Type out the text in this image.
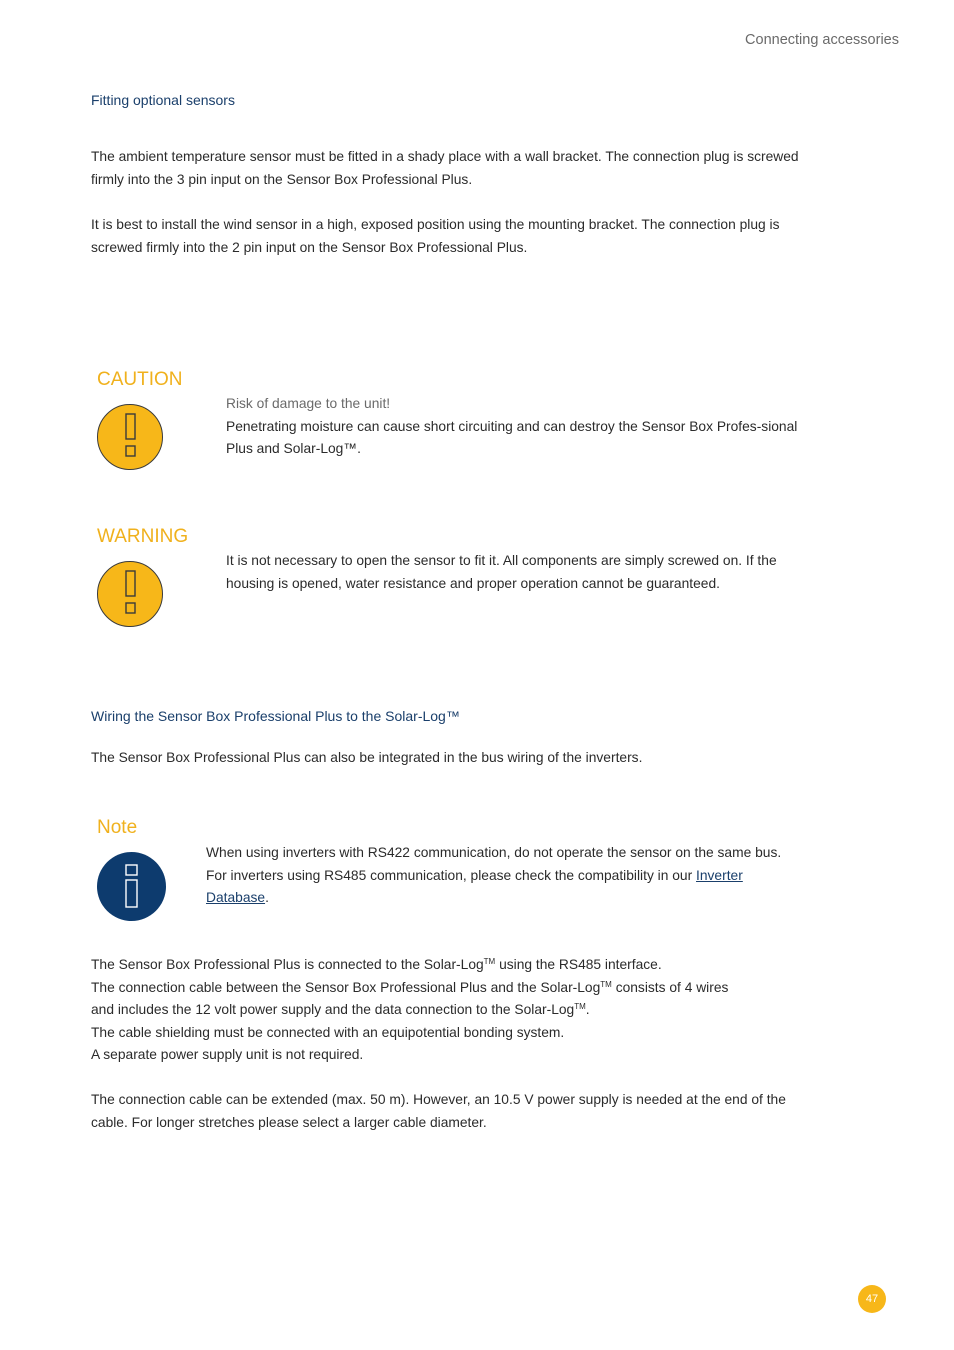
Connecting accessories
Fitting optional sensors

The ambient temperature sensor must be fitted in a shady place with a wall bracket. The connection plug is screwed firmly into the 3 pin input on the Sensor Box Professional Plus.

It is best to install the wind sensor in a high, exposed position using the mounting bracket. The connection plug is screwed firmly into the 2 pin input on the Sensor Box Professional Plus.

CAUTION

Risk of damage to the unit!

Penetrating moisture can cause short circuiting and can destroy the Sensor Box Profes-sional Plus and Solar-Log™.

WARNING

It is not necessary to open the sensor to fit it. All components are simply screwed on. If the housing is opened, water resistance and proper operation cannot be guaranteed.

Wiring the Sensor Box Professional Plus to the Solar-Log™

The Sensor Box Professional Plus can also be integrated in the bus wiring of the inverters.

Note

When using inverters with RS422 communication, do not operate the sensor on the same bus.

For inverters using RS485 communication, please check the compatibility in our Inverter
Database.

The Sensor Box Professional Plus is connected to the Solar-Log™ using the RS485 interface.

The connection cable between the Sensor Box Professional Plus and the Solar-Log™ consists of 4 wires

and includes the 12 volt power supply and the data connection to the Solar-Log™.

The cable shielding must be connected with an equipotential bonding system.

A separate power supply unit is not required.

The connection cable can be extended (max. 50 m). However, an 10.5 V power supply is needed at the end of the cable. For longer stretches please select a larger cable diameter.

47
